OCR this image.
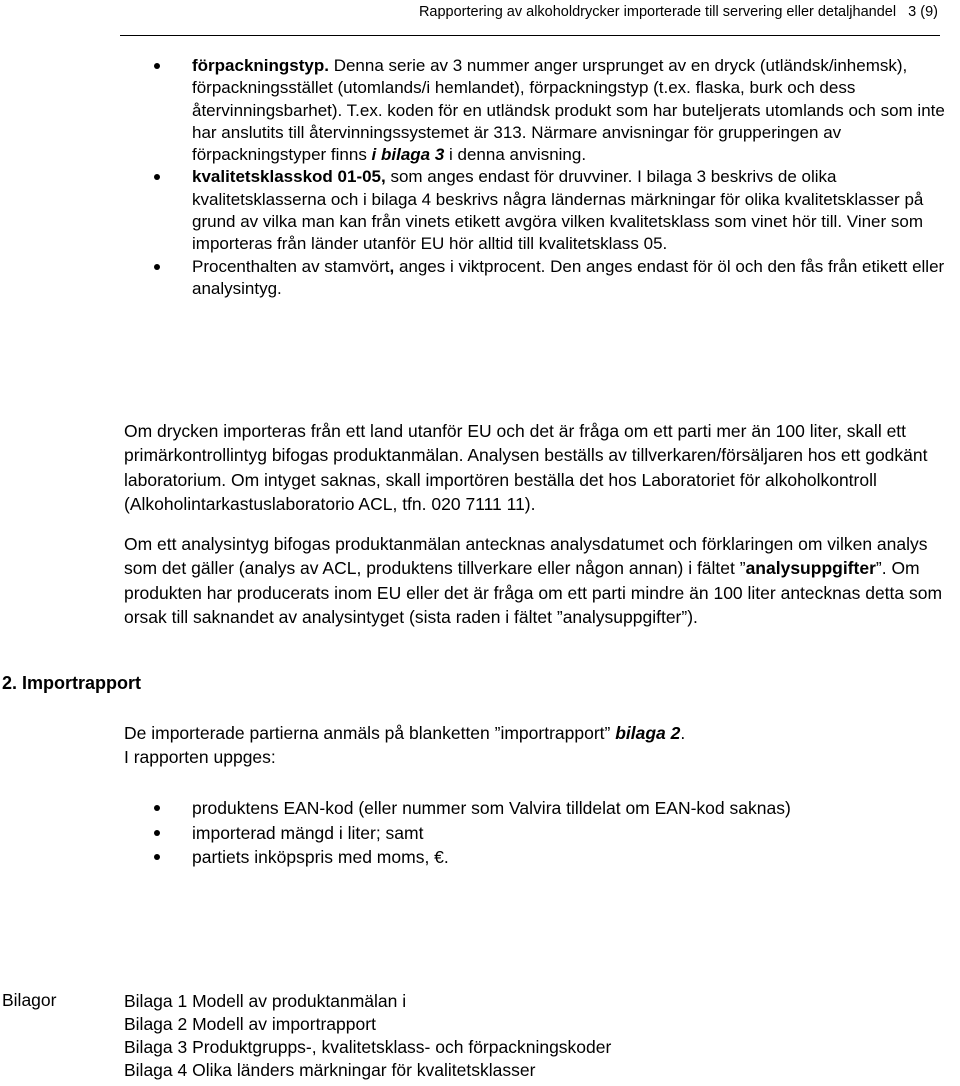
Rapportering av alkoholdrycker importerade till servering eller detaljhandel 3 (9)
förpackningstyp. Denna serie av 3 nummer anger ursprunget av en dryck (utländsk/inhemsk), förpackningsstället (utomlands/i hemlandet), förpackningstyp (t.ex. flaska, burk och dess återvinningsbarhet). T.ex. koden för en utländsk produkt som har buteljerats utomlands och som inte har anslutits till återvinningssystemet är 313. Närmare anvisningar för grupperingen av förpackningstyper finns i bilaga 3 i denna anvisning.
kvalitetsklasskod 01-05, som anges endast för druvviner. I bilaga 3 beskrivs de olika kvalitetsklasserna och i bilaga 4 beskrivs några ländernas märkningar för olika kvalitetsklasser på grund av vilka man kan från vinets etikett avgöra vilken kvalitetsklass som vinet hör till. Viner som importeras från länder utanför EU hör alltid till kvalitetsklass 05.
Procenthalten av stamvört, anges i viktprocent. Den anges endast för öl och den fås från etikett eller analysintyg.

Om drycken importeras från ett land utanför EU och det är fråga om ett parti mer än 100 liter, skall ett primärkontrollintyg bifogas produktanmälan. Analysen beställs av tillverkaren/försäljaren hos ett godkänt laboratorium. Om intyget saknas, skall importören beställa det hos Laboratoriet för alkoholkontroll (Alkoholintarkastuslaboratorio ACL, tfn. 020 7111 11).

Om ett analysintyg bifogas produktanmälan antecknas analysdatumet och förklaringen om vilken analys som det gäller (analys av ACL, produktens tillverkare eller någon annan) i fältet ”analysuppgifter”. Om produkten har producerats inom EU eller det är fråga om ett parti mindre än 100 liter antecknas detta som orsak till saknandet av analysintyget (sista raden i fältet ”analysuppgifter”).

2. Importrapport

De importerade partierna anmäls på blanketten ”importrapport” bilaga 2.
I rapporten uppges:

produktens EAN-kod (eller nummer som Valvira tilldelat om EAN-kod saknas)
importerad mängd i liter; samt
partiets inköpspris med moms, €.
Bilagor	Bilaga 1 Modell av produktanmälan i
Bilaga 2 Modell av importrapport
Bilaga 3 Produktgrupps-, kvalitetsklass- och förpackningskoder
Bilaga 4 Olika länders märkningar för kvalitetsklasser
